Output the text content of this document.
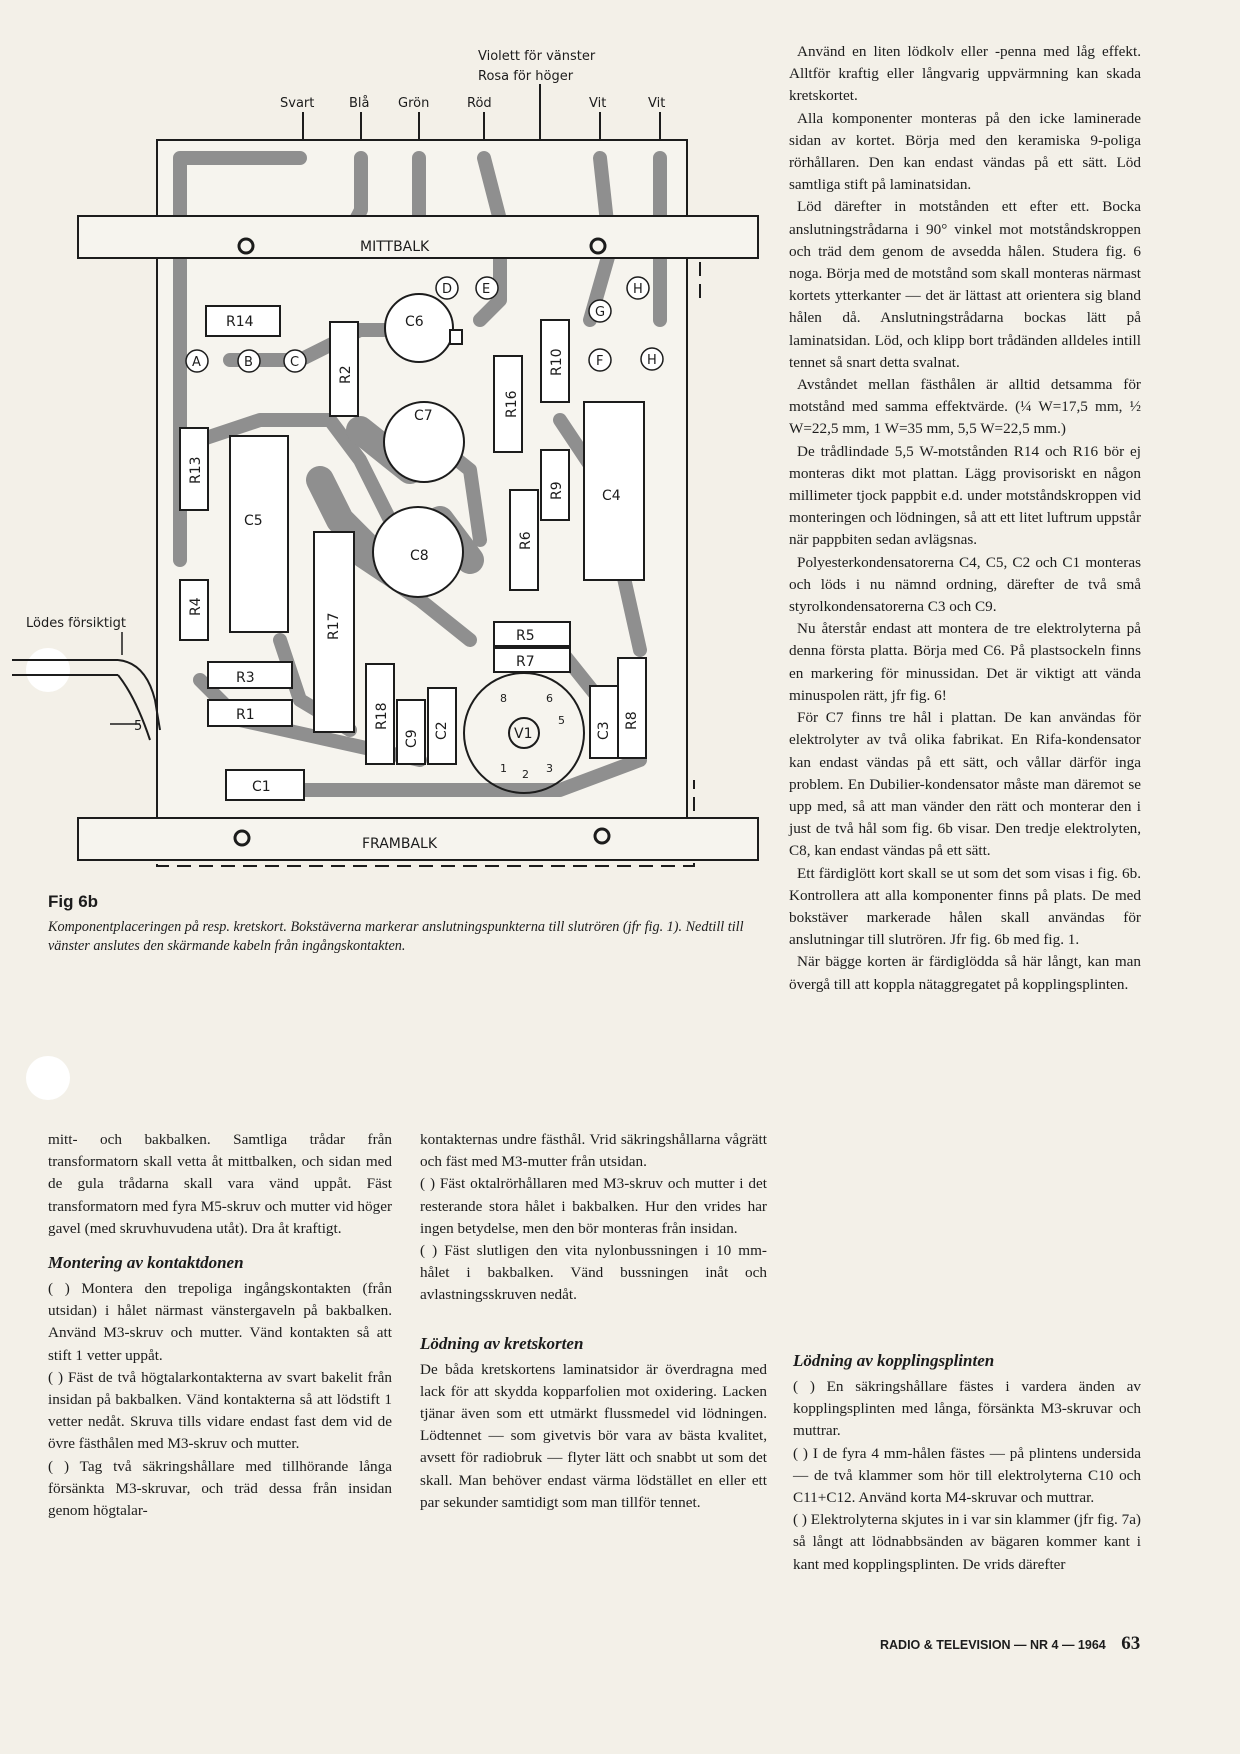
Violett för vänster
Rosa för höger
Svart	Blå Grön	Röd	Vit	Vit
MITTBALK
FRAMBALK
R14
R2
C6
C7	R16
R10
C5
R13
C8
R9	C4
R6
R4
R17	R5
R7
R3
R1	R18
C9 C2	C3
R8
V1
C1
A	B	C
D E
F
G
H
H
1 2 3
5
6
8
Lödes försiktigt
5
Fig 6b
Komponentplaceringen på resp. kretskort. Bokstäverna markerar anslutningspunkterna till slutrören (jfr fig. 1). Nedtill till vänster anslutes den skärmande kabeln från ingångskontakten.

Använd en liten lödkolv eller -penna med låg effekt. Alltför kraftig eller långvarig uppvärmning kan skada kretskortet.

Alla komponenter monteras på den icke laminerade sidan av kortet. Börja med den keramiska 9-poliga rörhållaren. Den kan endast vändas på ett sätt. Löd samtliga stift på laminatsidan.

Löd därefter in motstånden ett efter ett. Bocka anslutningstrådarna i 90° vinkel mot motståndskroppen och träd dem genom de avsedda hålen. Studera fig. 6 noga. Börja med de motstånd som skall monteras närmast kortets ytterkanter — det är lättast att orientera sig bland hålen då. Anslutningstrådarna bockas lätt på laminatsidan. Löd, och klipp bort trådänden alldeles intill tennet så snart detta svalnat.

Avståndet mellan fästhålen är alltid detsamma för motstånd med samma effektvärde. (¼ W=17,5 mm, ½ W=22,5 mm, 1 W=35 mm, 5,5 W=22,5 mm.)

De trådlindade 5,5 W-motstånden R14 och R16 bör ej monteras dikt mot plattan. Lägg provisoriskt en någon millimeter tjock pappbit e.d. under motståndskroppen vid monteringen och lödningen, så att ett litet luftrum uppstår när pappbiten sedan avlägsnas.

Polyesterkondensatorerna C4, C5, C2 och C1 monteras och löds i nu nämnd ordning, därefter de två små styrolkondensatorerna C3 och C9.

Nu återstår endast att montera de tre elektrolyterna på denna första platta. Börja med C6. På plastsockeln finns en markering för minussidan. Det är viktigt att vända minuspolen rätt, jfr fig. 6!

För C7 finns tre hål i plattan. De kan användas för elektrolyter av två olika fabrikat. En Rifa-kondensator kan endast vändas på ett sätt, och vållar därför inga problem. En Dubilier-kondensator måste man däremot se upp med, så att man vänder den rätt och monterar den i just de två hål som fig. 6b visar. Den tredje elektrolyten, C8, kan endast vändas på ett sätt.

Ett färdiglött kort skall se ut som det som visas i fig. 6b. Kontrollera att alla komponenter finns på plats. De med bokstäver markerade hålen skall användas för anslutningar till slutrören. Jfr fig. 6b med fig. 1.

När bägge korten är färdiglödda så här långt, kan man övergå till att koppla nätaggregatet på kopplingsplinten.

mitt- och bakbalken. Samtliga trådar från transformatorn skall vetta åt mittbalken, och sidan med de gula trådarna skall vara vänd uppåt. Fäst transformatorn med fyra M5-skruv och mutter vid höger gavel (med skruvhuvudena utåt). Dra åt kraftigt.

Montering av kontaktdonen

( ) Montera den trepoliga ingångskontakten (från utsidan) i hålet närmast vänstergaveln på bakbalken. Använd M3-skruv och mutter. Vänd kontakten så att stift 1 vetter uppåt.

( ) Fäst de två högtalarkontakterna av svart bakelit från insidan på bakbalken. Vänd kontakterna så att lödstift 1 vetter nedåt. Skruva tills vidare endast fast dem vid de övre fästhålen med M3-skruv och mutter.

( ) Tag två säkringshållare med tillhörande långa försänkta M3-skruvar, och träd dessa från insidan genom högtalar-

kontakternas undre fästhål. Vrid säkringshållarna vågrätt och fäst med M3-mutter från utsidan.

( ) Fäst oktalrörhållaren med M3-skruv och mutter i det resterande stora hålet i bakbalken. Hur den vrides har ingen betydelse, men den bör monteras från insidan.

( ) Fäst slutligen den vita nylonbussningen i 10 mm-hålet i bakbalken. Vänd bussningen inåt och avlastningsskruven nedåt.

Lödning av kretskorten

De båda kretskortens laminatsidor är överdragna med lack för att skydda kopparfolien mot oxidering. Lacken tjänar även som ett utmärkt flussmedel vid lödningen. Lödtennet — som givetvis bör vara av bästa kvalitet, avsett för radiobruk — flyter lätt och snabbt ut som det skall. Man behöver endast värma lödstället en eller ett par sekunder samtidigt som man tillför tennet.

Lödning av kopplingsplinten

( ) En säkringshållare fästes i vardera änden av kopplingsplinten med långa, försänkta M3-skruvar och muttrar.

( ) I de fyra 4 mm-hålen fästes — på plintens undersida — de två klammer som hör till elektrolyterna C10 och C11+C12. Använd korta M4-skruvar och muttrar.

( ) Elektrolyterna skjutes in i var sin klammer (jfr fig. 7a) så långt att lödnabbsänden av bägaren kommer kant i kant med kopplingsplinten. De vrids därefter

RADIO & TELEVISION — NR 4 — 1964 63
